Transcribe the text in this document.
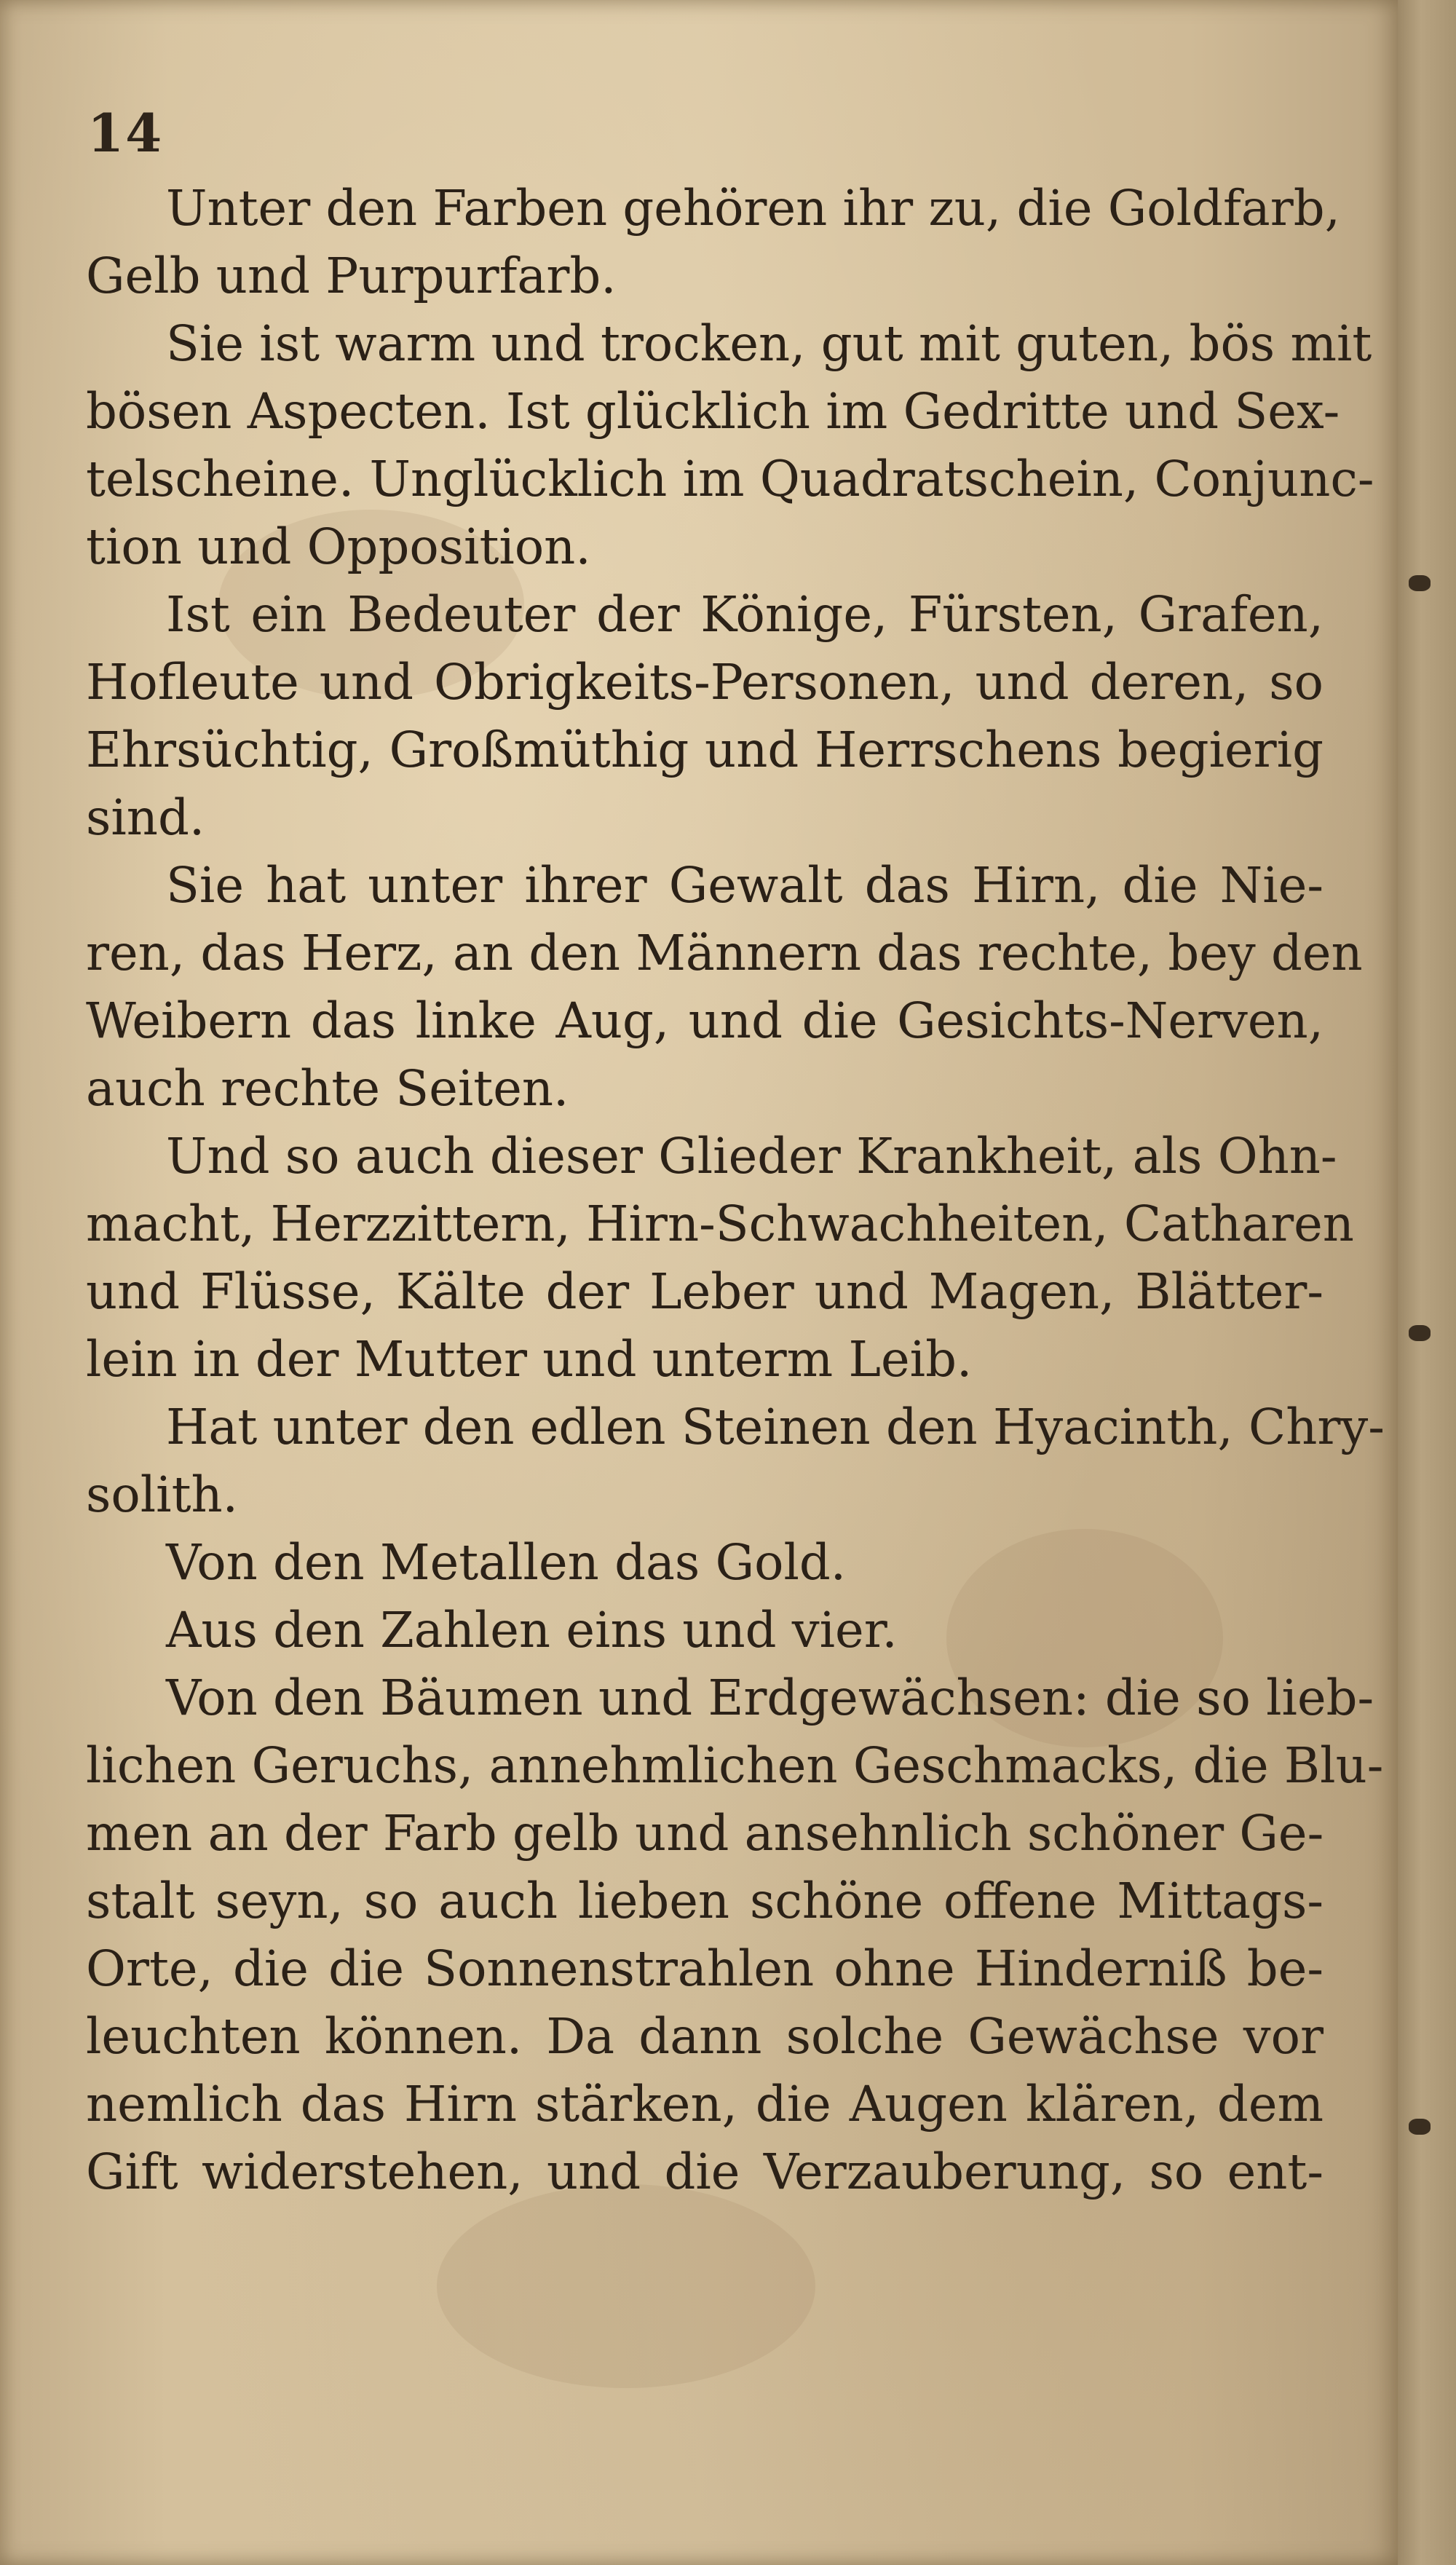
14
Unter den Farben gehören ihr zu, die Goldfarb,
Gelb und Purpurfarb.
Sie ist warm und trocken, gut mit guten, bös mit
bösen Aspecten. Ist glücklich im Gedritte und Sex-
telscheine. Unglücklich im Quadratschein, Conjunc-
tion und Opposition.
Ist ein Bedeuter der Könige, Fürsten, Grafen,
Hofleute und Obrigkeits-Personen, und deren, so
Ehrsüchtig, Großmüthig und Herrschens begierig
sind.
Sie hat unter ihrer Gewalt das Hirn, die Nie-
ren, das Herz, an den Männern das rechte, bey den
Weibern das linke Aug, und die Gesichts-Nerven,
auch rechte Seiten.
Und so auch dieser Glieder Krankheit, als Ohn-
macht, Herzzittern, Hirn-Schwachheiten, Catharen
und Flüsse, Kälte der Leber und Magen, Blätter-
lein in der Mutter und unterm Leib.
Hat unter den edlen Steinen den Hyacinth, Chry-
solith.
Von den Metallen das Gold.
Aus den Zahlen eins und vier.
Von den Bäumen und Erdgewächsen: die so lieb-
lichen Geruchs, annehmlichen Geschmacks, die Blu-
men an der Farb gelb und ansehnlich schöner Ge-
stalt seyn, so auch lieben schöne offene Mittags-
Orte, die die Sonnenstrahlen ohne Hinderniß be-
leuchten können. Da dann solche Gewächse vor
nemlich das Hirn stärken, die Augen klären, dem
Gift widerstehen, und die Verzauberung, so ent-
